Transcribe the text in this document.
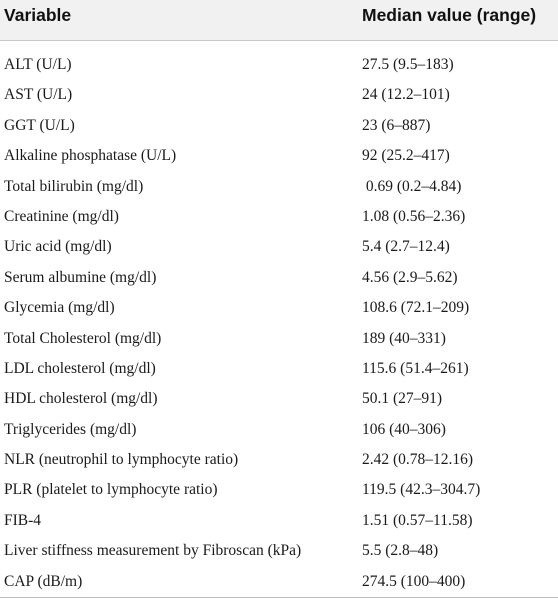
Variable	Median value (range)
ALT (U/L)	27.5 (9.5–183)
AST (U/L)	24 (12.2–101)
GGT (U/L)	23 (6–887)
Alkaline phosphatase (U/L)	92 (25.2–417)
Total bilirubin (mg/dl)	0.69 (0.2–4.84)
Creatinine (mg/dl)	1.08 (0.56–2.36)
Uric acid (mg/dl)	5.4 (2.7–12.4)
Serum albumine (mg/dl)	4.56 (2.9–5.62)
Glycemia (mg/dl)	108.6 (72.1–209)
Total Cholesterol (mg/dl)	189 (40–331)
LDL cholesterol (mg/dl)	115.6 (51.4–261)
HDL cholesterol (mg/dl)	50.1 (27–91)
Triglycerides (mg/dl)	106 (40–306)
NLR (neutrophil to lymphocyte ratio)	2.42 (0.78–12.16)
PLR (platelet to lymphocyte ratio)	119.5 (42.3–304.7)
FIB-4	1.51 (0.57–11.58)
Liver stiffness measurement by Fibroscan (kPa)	5.5 (2.8–48)
CAP (dB/m)	274.5 (100–400)
